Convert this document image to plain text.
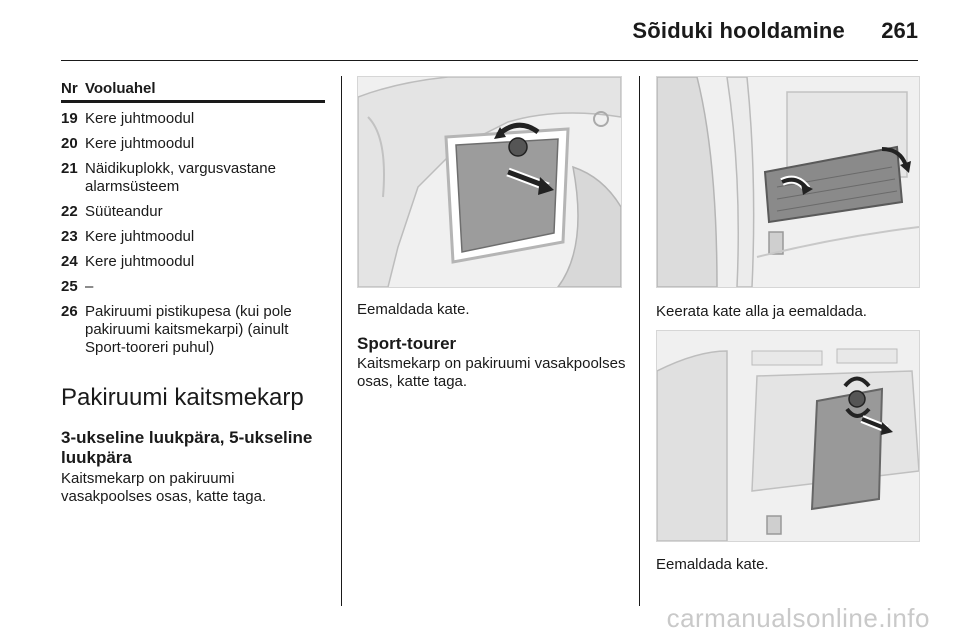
Sõiduki hooldamine 261
Nr Vooluahel
19 Kere juhtmoodul
20 Kere juhtmoodul
21 Näidikuplokk, vargusvastane alarmsüsteem
22 Süüteandur
23 Kere juhtmoodul
24 Kere juhtmoodul
25 –
26 Pakiruumi pistikupesa (kui pole pakiruumi kaitsmekarpi) (ainult Sport-tooreri puhul)
Pakiruumi kaitsmekarp
3-ukseline luukpära, 5-ukseline luukpära
Kaitsmekarp on pakiruumi vasakpoolses osas, katte taga.
Eemaldada kate.
Sport-tourer
Kaitsmekarp on pakiruumi vasakpoolses osas, katte taga.
Keerata kate alla ja eemaldada.
Eemaldada kate.
carmanualsonline.info
